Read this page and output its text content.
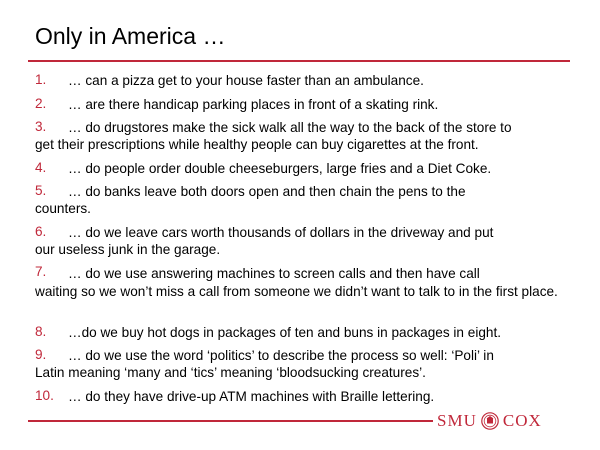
Only in America …
1. … can a pizza get to your house faster than an ambulance.
2. … are there handicap parking places in front of a skating rink.
3. … do drugstores make the sick walk all the way to the back of the store to
get their prescriptions while healthy people can buy cigarettes at the front.
4. … do people order double cheeseburgers, large fries and a Diet Coke.
5. … do banks leave both doors open and then chain the pens to the
counters.
6. … do we leave cars worth thousands of dollars in the driveway and put
our useless junk in the garage.
7. … do we use answering machines to screen calls and then have call
waiting so we won’t miss a call from someone we didn’t want to talk to in the first place.
8. …do we buy hot dogs in packages of ten and buns in packages in eight.
9. … do we use the word ‘politics’ to describe the process so well: ‘Poli’ in
Latin meaning ‘many and ‘tics’ meaning ‘bloodsucking creatures’.
10. … do they have drive-up ATM machines with Braille lettering.
SMU COX
